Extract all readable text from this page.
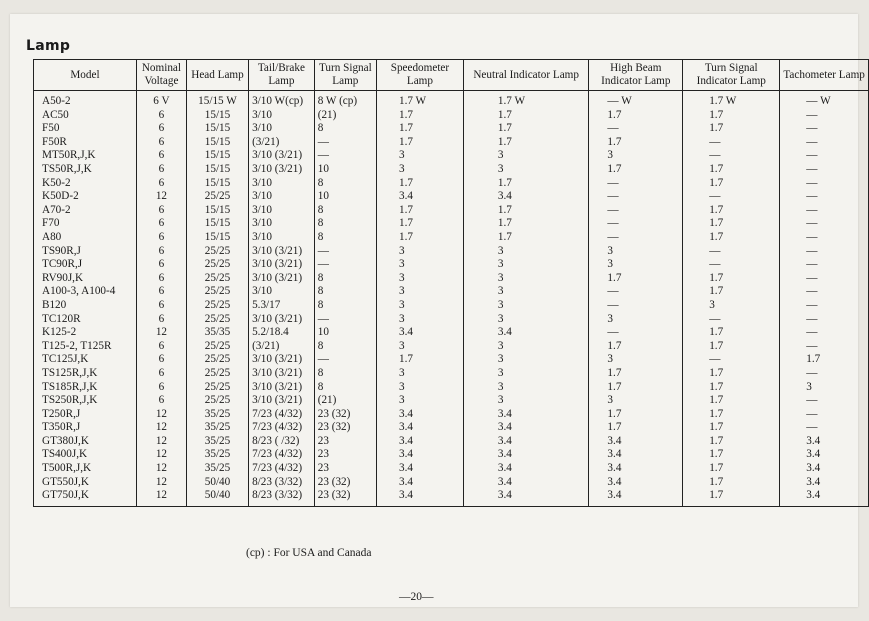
Lamp
Model	Nominal Voltage	Head Lamp	Tail/Brake Lamp	Turn Signal Lamp	Speedometer Lamp	Neutral Indicator Lamp	High Beam Indicator Lamp	Turn Signal Indicator Lamp	Tachometer Lamp
A50-2	6 V	15/15 W	3/10 W(cp)	8 W (cp)	1.7 W	1.7 W	— W	1.7 W	— W
AC50	6	15/15	3/10	(21)	1.7	1.7	1.7	1.7	—
F50	6	15/15	3/10	8	1.7	1.7	—	1.7	—
F50R	6	15/15	(3/21)	—	1.7	1.7	1.7	—	—
MT50R,J,K	6	15/15	3/10 (3/21)	—	3	3	3	—	—
TS50R,J,K	6	15/15	3/10 (3/21)	10	3	3	1.7	1.7	—
K50-2	6	15/15	3/10	8	1.7	1.7	—	1.7	—
K50D-2	12	25/25	3/10	10	3.4	3.4	—	—	—
A70-2	6	15/15	3/10	8	1.7	1.7	—	1.7	—
F70	6	15/15	3/10	8	1.7	1.7	—	1.7	—
A80	6	15/15	3/10	8	1.7	1.7	—	1.7	—
TS90R,J	6	25/25	3/10 (3/21)	—	3	3	3	—	—
TC90R,J	6	25/25	3/10 (3/21)	—	3	3	3	—	—
RV90J,K	6	25/25	3/10 (3/21)	8	3	3	1.7	1.7	—
A100-3, A100-4	6	25/25	3/10	8	3	3	—	1.7	—
B120	6	25/25	5.3/17	8	3	3	—	3	—
TC120R	6	25/25	3/10 (3/21)	—	3	3	3	—	—
K125-2	12	35/35	5.2/18.4	10	3.4	3.4	—	1.7	—
T125-2, T125R	6	25/25	(3/21)	8	3	3	1.7	1.7	—
TC125J,K	6	25/25	3/10 (3/21)	—	1.7	3	3	—	1.7
TS125R,J,K	6	25/25	3/10 (3/21)	8	3	3	1.7	1.7	—
TS185R,J,K	6	25/25	3/10 (3/21)	8	3	3	1.7	1.7	3
TS250R,J,K	6	25/25	3/10 (3/21)	(21)	3	3	3	1.7	—
T250R,J	12	35/25	7/23 (4/32)	23 (32)	3.4	3.4	1.7	1.7	—
T350R,J	12	35/25	7/23 (4/32)	23 (32)	3.4	3.4	1.7	1.7	—
GT380J,K	12	35/25	8/23 ( /32)	23	3.4	3.4	3.4	1.7	3.4
TS400J,K	12	35/25	7/23 (4/32)	23	3.4	3.4	3.4	1.7	3.4
T500R,J,K	12	35/25	7/23 (4/32)	23	3.4	3.4	3.4	1.7	3.4
GT550J,K	12	50/40	8/23 (3/32)	23 (32)	3.4	3.4	3.4	1.7	3.4
GT750J,K	12	50/40	8/23 (3/32)	23 (32)	3.4	3.4	3.4	1.7	3.4
(cp) : For USA and Canada
—20—
